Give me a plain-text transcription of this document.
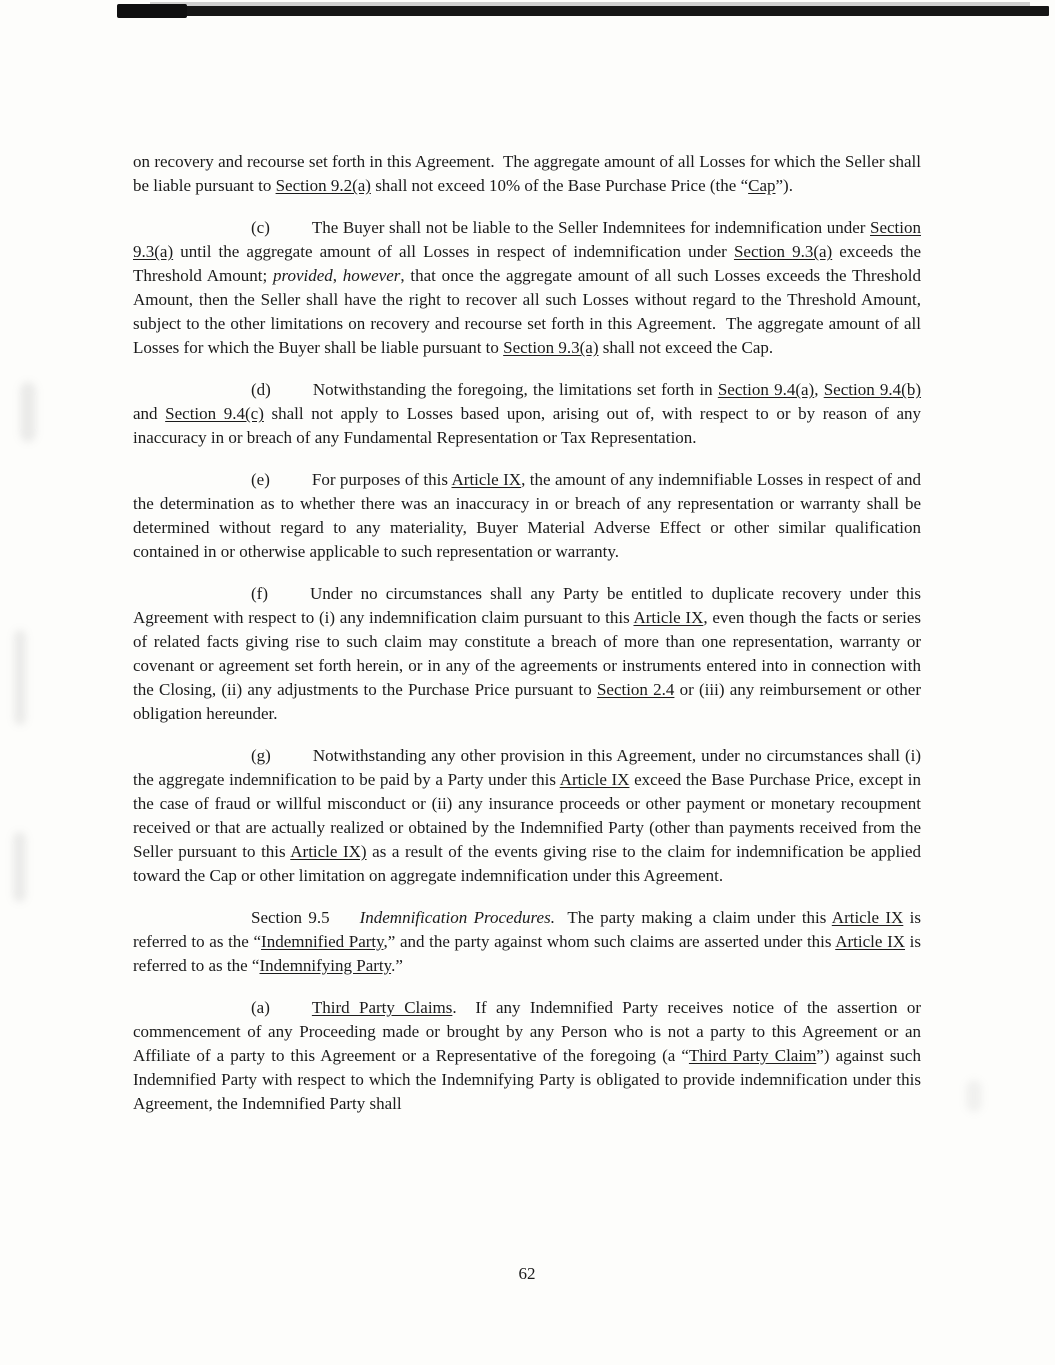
on recovery and recourse set forth in this Agreement.  The aggregate amount of all Losses for which the Seller shall be liable pursuant to Section 9.2(a) shall not exceed 10% of the Base Purchase Price (the “Cap”).

(c) The Buyer shall not be liable to the Seller Indemnitees for indemnification under Section 9.3(a) until the aggregate amount of all Losses in respect of indemnification under Section 9.3(a) exceeds the Threshold Amount; provided, however, that once the aggregate amount of all such Losses exceeds the Threshold Amount, then the Seller shall have the right to recover all such Losses without regard to the Threshold Amount, subject to the other limitations on recovery and recourse set forth in this Agreement.  The aggregate amount of all Losses for which the Buyer shall be liable pursuant to Section 9.3(a) shall not exceed the Cap.

(d) Notwithstanding the foregoing, the limitations set forth in Section 9.4(a), Section 9.4(b) and Section 9.4(c) shall not apply to Losses based upon, arising out of, with respect to or by reason of any inaccuracy in or breach of any Fundamental Representation or Tax Representation.

(e) For purposes of this Article IX, the amount of any indemnifiable Losses in respect of and the determination as to whether there was an inaccuracy in or breach of any representation or warranty shall be determined without regard to any materiality, Buyer Material Adverse Effect or other similar qualification contained in or otherwise applicable to such representation or warranty.

(f) Under no circumstances shall any Party be entitled to duplicate recovery under this Agreement with respect to (i) any indemnification claim pursuant to this Article IX, even though the facts or series of related facts giving rise to such claim may constitute a breach of more than one representation, warranty or covenant or agreement set forth herein, or in any of the agreements or instruments entered into in connection with the Closing, (ii) any adjustments to the Purchase Price pursuant to Section 2.4 or (iii) any reimbursement or other obligation hereunder.

(g) Notwithstanding any other provision in this Agreement, under no circumstances shall (i) the aggregate indemnification to be paid by a Party under this Article IX exceed the Base Purchase Price, except in the case of fraud or willful misconduct or (ii) any insurance proceeds or other payment or monetary recoupment received or that are actually realized or obtained by the Indemnified Party (other than payments received from the Seller pursuant to this Article IX) as a result of the events giving rise to the claim for indemnification be applied toward the Cap or other limitation on aggregate indemnification under this Agreement.

Section 9.5 Indemnification Procedures.  The party making a claim under this Article IX is referred to as the “Indemnified Party,” and the party against whom such claims are asserted under this Article IX is referred to as the “Indemnifying Party.”

(a) Third Party Claims.  If any Indemnified Party receives notice of the assertion or commencement of any Proceeding made or brought by any Person who is not a party to this Agreement or an Affiliate of a party to this Agreement or a Representative of the foregoing (a “Third Party Claim”) against such Indemnified Party with respect to which the Indemnifying Party is obligated to provide indemnification under this Agreement, the Indemnified Party shall

62
